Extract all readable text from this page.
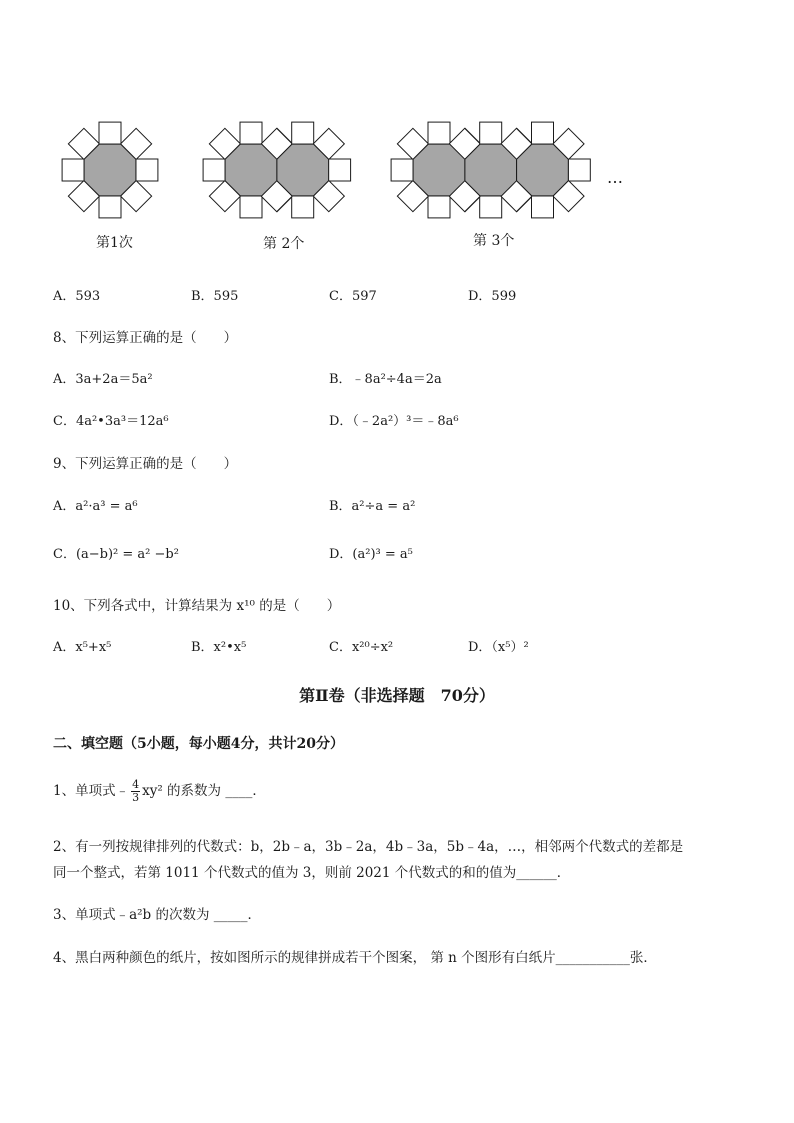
第1次	第 2个	第 3个
…
A．593	B．595	C．597	D．599
8、下列运算正确的是（　　）
A．3a+2a＝5a²	B．﹣8a²÷4a＝2a
C．4a²•3a³＝12a⁶	D．（﹣2a²）³＝﹣8a⁶
9、下列运算正确的是（　　）
A．a²·a³ = a⁶	B．a²÷a = a²
C．(a−b)² = a² −b²	D．(a²)³ = a⁵
10、下列各式中，计算结果为 x¹⁰ 的是（　　）
A．x⁵+x⁵	B．x²•x⁵	C．x²⁰÷x²	D．（x⁵）²
第Ⅱ卷（非选择题　70分）
二、填空题（5小题，每小题4分，共计20分）
1、单项式﹣ $\frac{4}{3} xy^2$ 的系数为 ____．
2、有一列按规律排列的代数式：b，2b﹣a，3b﹣2a，4b﹣3a，5b﹣4a，…，相邻两个代数式的差都是
同一个整式，若第 1011 个代数式的值为 3，则前 2021 个代数式的和的值为______．
3、单项式﹣a²b 的次数为 _____．
4、黑白两种颜色的纸片，按如图所示的规律拼成若干个图案， 第 n 个图形有白纸片___________张．
